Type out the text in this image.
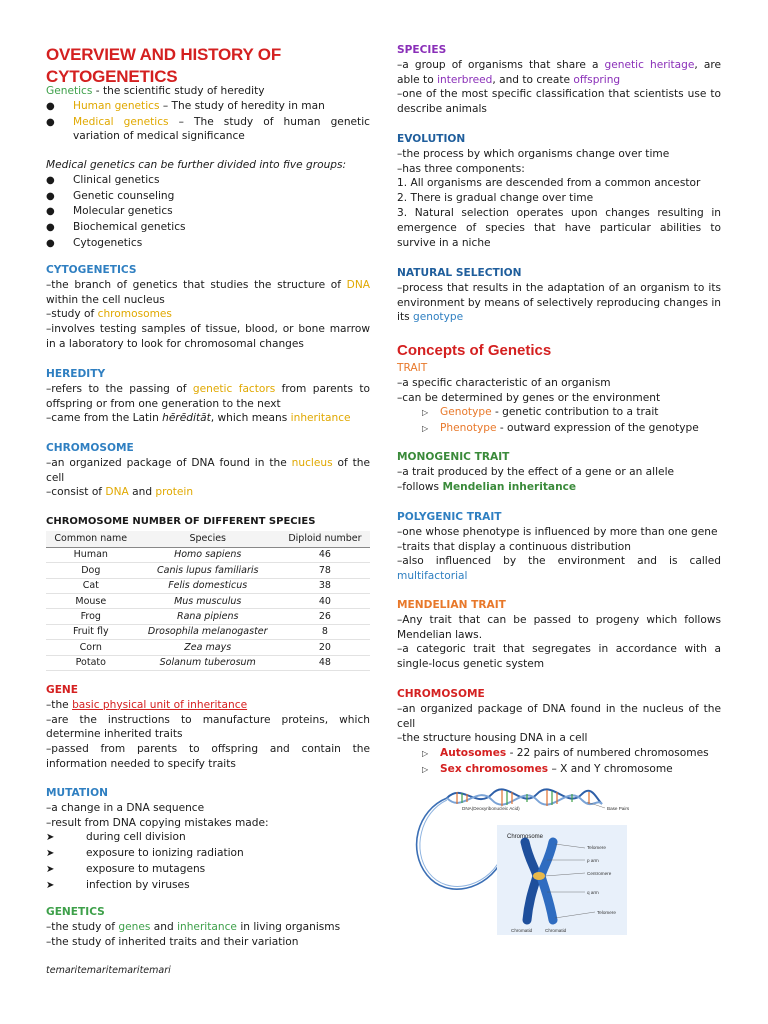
OVERVIEW AND HISTORY OF
CYTOGENETICS

Genetics - the scientific study of heredity

●
Human genetics – The study of heredity in man
●
Medical genetics – The study of human genetic variation of medical significance

Medical genetics can be further divided into five groups:

●
Clinical genetics
●
Genetic counseling
●
Molecular genetics
●
Biochemical genetics
●
Cytogenetics

CYTOGENETICS

–the branch of genetics that studies the structure of DNA within the cell nucleus

–study of chromosomes

–involves testing samples of tissue, blood, or bone marrow in a laboratory to look for chromosomal changes

HEREDITY

–refers to the passing of genetic factors from parents to offspring or from one generation to the next

–came from the Latin hērēditāt, which means inheritance

CHROMOSOME

–an organized package of DNA found in the nucleus of the cell

–consist of DNA and protein

CHROMOSOME NUMBER OF DIFFERENT SPECIES

Common name	Species	Diploid number
Human	Homo sapiens	46
Dog	Canis lupus familiaris	78
Cat	Felis domesticus	38
Mouse	Mus musculus	40
Frog	Rana pipiens	26
Fruit fly	Drosophila melanogaster	8
Corn	Zea mays	20
Potato	Solanum tuberosum	48

GENE

–the basic physical unit of inheritance

–are the instructions to manufacture proteins, which determine inherited traits

–passed from parents to offspring and contain the information needed to specify traits

MUTATION

–a change in a DNA sequence

–result from DNA copying mistakes made:

➤
during cell division
➤
exposure to ionizing radiation
➤
exposure to mutagens
➤
infection by viruses

GENETICS

–the study of genes and inheritance in living organisms

–the study of inherited traits and their variation

temaritemaritemaritemari

SPECIES

–a group of organisms that share a genetic heritage, are able to interbreed, and to create offspring

–one of the most specific classification that scientists use to describe animals

EVOLUTION

–the process by which organisms change over time

–has three components:

1. All organisms are descended from a common ancestor

2. There is gradual change over time

3. Natural selection operates upon changes resulting in emergence of species that have particular abilities to survive in a niche

NATURAL SELECTION

–process that results in the adaptation of an organism to its environment by means of selectively reproducing changes in its genotype

Concepts of Genetics

TRAIT

–a specific characteristic of an organism

–can be determined by genes or the environment

▷
Genotype - genetic contribution to a trait
▷
Phenotype - outward expression of the genotype

MONOGENIC TRAIT

–a trait produced by the effect of a gene or an allele

–follows Mendelian inheritance

POLYGENIC TRAIT

–one whose phenotype is influenced by more than one gene

–traits that display a continuous distribution

–also influenced by the environment and is called

multifactorial

MENDELIAN TRAIT

–Any trait that can be passed to progeny which follows Mendelian laws.

–a categoric trait that segregates in accordance with a single-locus genetic system

CHROMOSOME

–an organized package of DNA found in the nucleus of the cell

–the structure housing DNA in a cell

▷
Autosomes - 22 pairs of numbered chromosomes
▷
Sex chromosomes – X and Y chromosome
DNA(Deoxyribonucleic Acid)	Base Pairs
Chromosome
Telomere
p arm
Centromere
q arm
Telomere
Chromatid	Chromatid
